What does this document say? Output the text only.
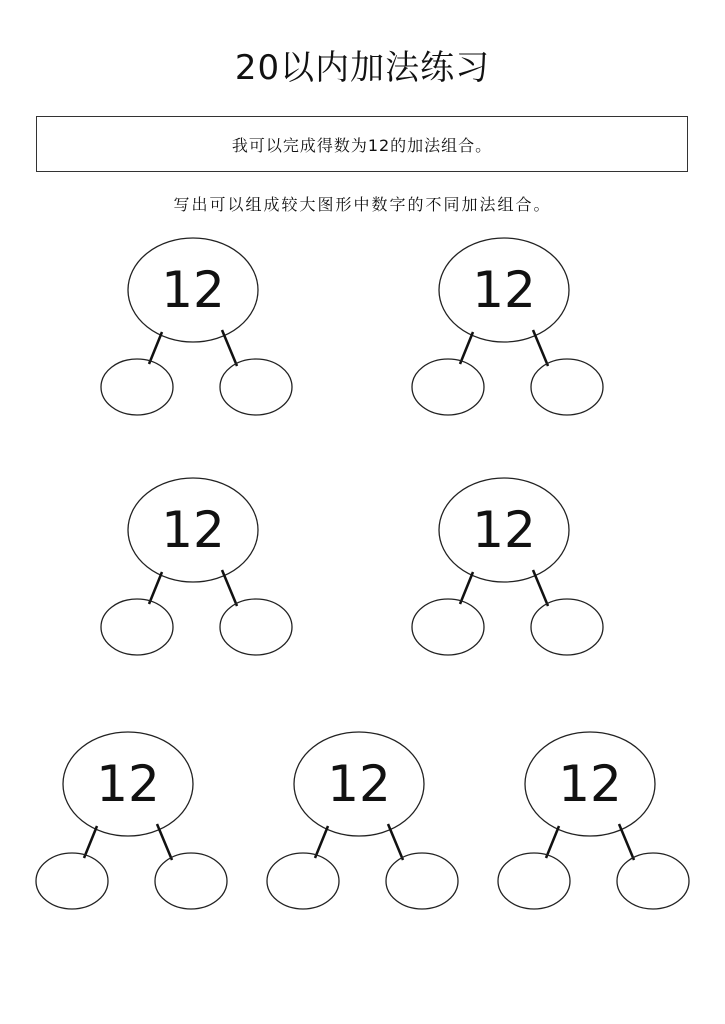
20以内加法练习
我可以完成得数为12的加法组合。
写出可以组成较大图形中数字的不同加法组合。
12	12
12	12
12	12	12
